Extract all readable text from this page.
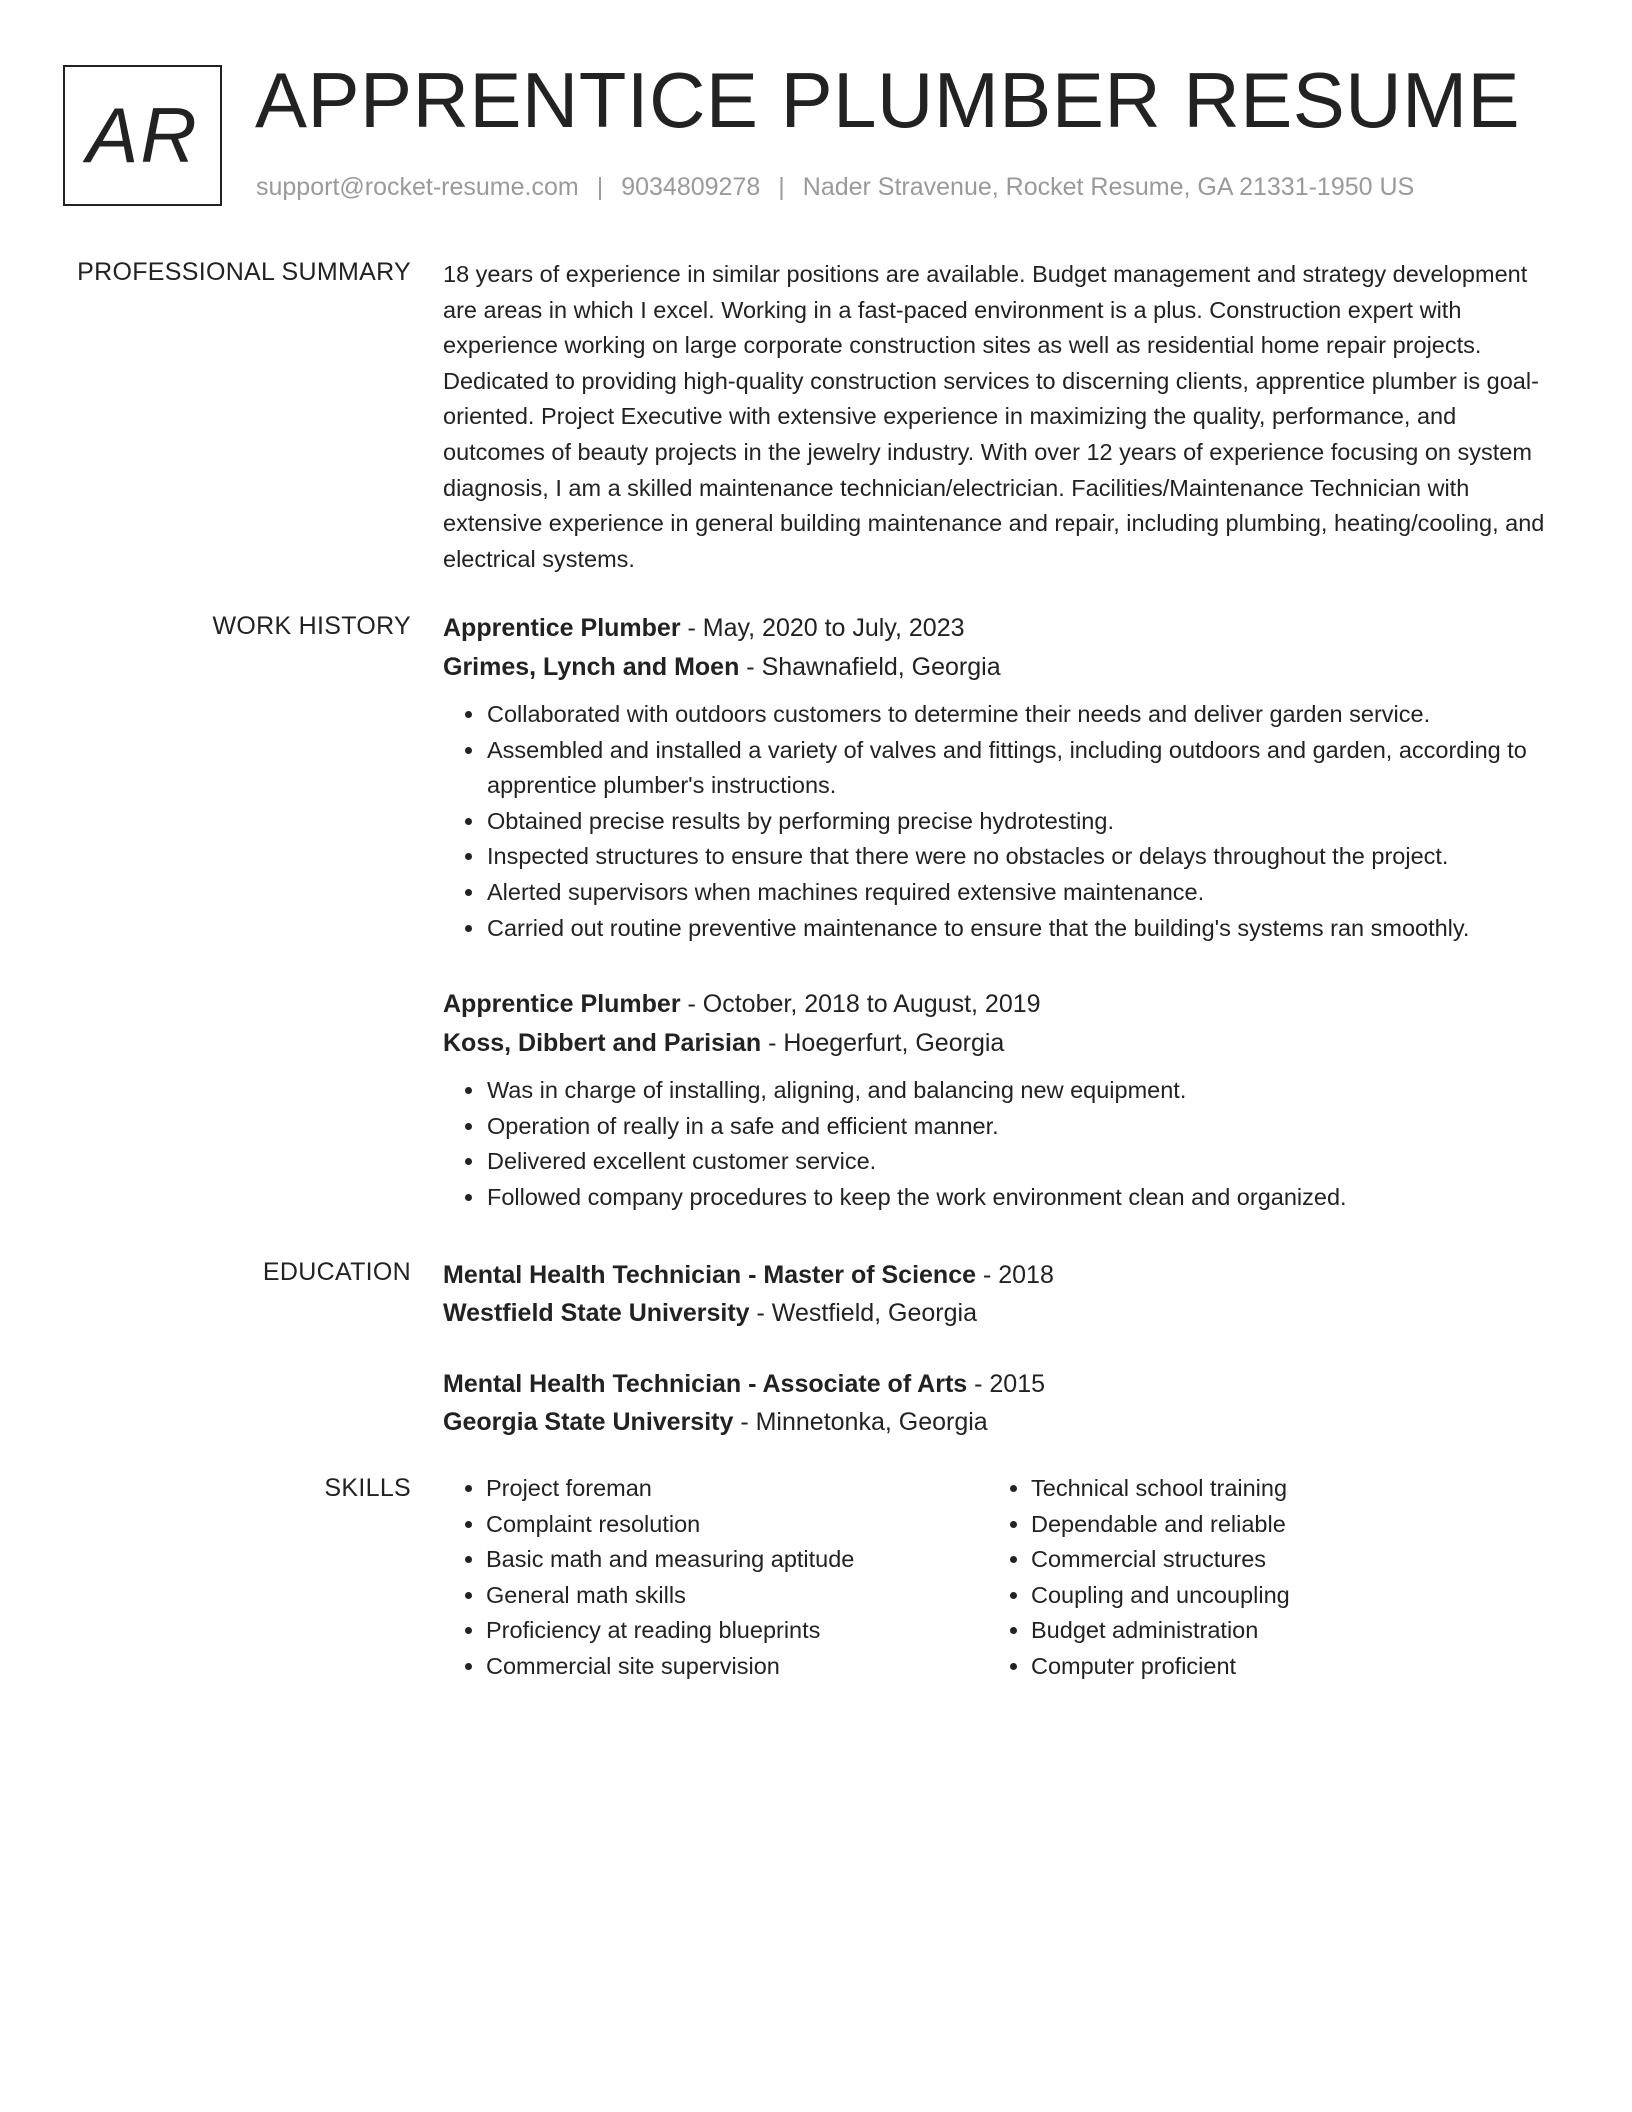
AR APPRENTICE PLUMBER RESUME
support@rocket-resume.com | 9034809278 | Nader Stravenue, Rocket Resume, GA 21331-1950 US
PROFESSIONAL SUMMARY 18 years of experience in similar positions are available. Budget management and strategy development are areas in which I excel. Working in a fast-paced environment is a plus. Construction expert with experience working on large corporate construction sites as well as residential home repair projects. Dedicated to providing high-quality construction services to discerning clients, apprentice plumber is goal-oriented. Project Executive with extensive experience in maximizing the quality, performance, and outcomes of beauty projects in the jewelry industry. With over 12 years of experience focusing on system diagnosis, I am a skilled maintenance technician/electrician. Facilities/Maintenance Technician with extensive experience in general building maintenance and repair, including plumbing, heating/cooling, and electrical systems.

WORK HISTORY Apprentice Plumber - May, 2020 to July, 2023
Grimes, Lynch and Moen - Shawnafield, Georgia
• Collaborated with outdoors customers to determine their needs and deliver garden service.
• Assembled and installed a variety of valves and fittings, including outdoors and garden, according to apprentice plumber's instructions.
• Obtained precise results by performing precise hydrotesting.
• Inspected structures to ensure that there were no obstacles or delays throughout the project.
• Alerted supervisors when machines required extensive maintenance.
• Carried out routine preventive maintenance to ensure that the building's systems ran smoothly.
Apprentice Plumber - October, 2018 to August, 2019
Koss, Dibbert and Parisian - Hoegerfurt, Georgia
• Was in charge of installing, aligning, and balancing new equipment.
• Operation of really in a safe and efficient manner.
• Delivered excellent customer service.
• Followed company procedures to keep the work environment clean and organized.
EDUCATION Mental Health Technician - Master of Science - 2018
Westfield State University - Westfield, Georgia
Mental Health Technician - Associate of Arts - 2015
Georgia State University - Minnetonka, Georgia
SKILLS
•	Project foreman
• Complaint resolution
• Basic math and measuring aptitude
• General math skills
• Proficiency at reading blueprints
• Commercial site supervision
• Technical school training
• Dependable and reliable
• Commercial structures
• Coupling and uncoupling
• Budget administration
• Computer proficient
